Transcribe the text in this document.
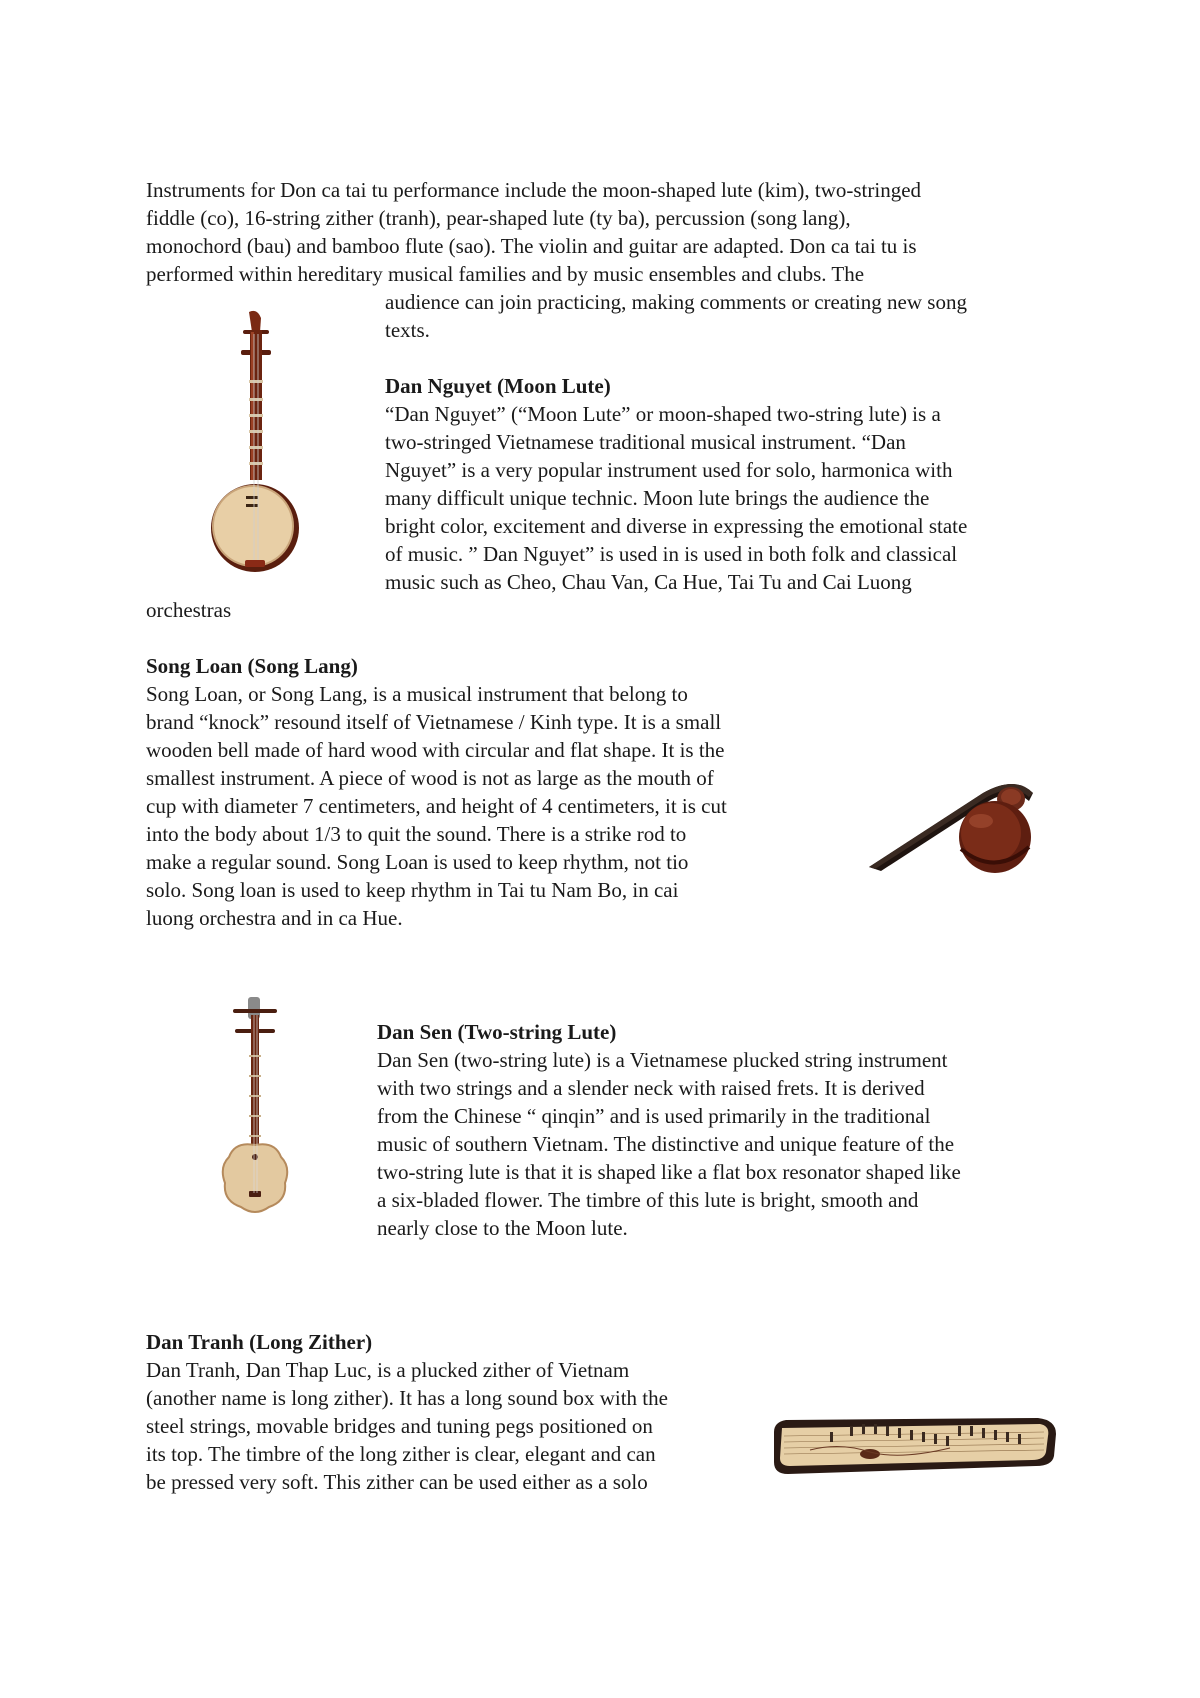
Instruments for Don ca tai tu performance include the moon-shaped lute (kim), two-stringed
fiddle (co), 16-string zither (tranh), pear-shaped lute (ty ba), percussion (song lang),
monochord (bau) and bamboo flute (sao). The violin and guitar are adapted. Don ca tai tu is
performed within hereditary musical families and by music ensembles and clubs. The
audience can join practicing, making comments or creating new song
texts.
Dan Nguyet (Moon Lute)
“Dan Nguyet” (“Moon Lute” or moon-shaped two-string lute) is a
two-stringed Vietnamese traditional musical instrument. “Dan
Nguyet” is a very popular instrument used for solo, harmonica with
many difficult unique technic. Moon lute brings the audience the
bright color, excitement and diverse in expressing the emotional state
of music. ” Dan Nguyet” is used in is used in both folk and classical
music such as Cheo, Chau Van, Ca Hue, Tai Tu and Cai Luong
orchestras
Song Loan (Song Lang)
Song Loan, or Song Lang, is a musical instrument that belong to
brand “knock” resound itself of Vietnamese / Kinh type. It is a small
wooden bell made of hard wood with circular and flat shape. It is the
smallest instrument. A piece of wood is not as large as the mouth of
cup with diameter 7 centimeters, and height of 4 centimeters, it is cut
into the body about 1/3 to quit the sound. There is a strike rod to
make a regular sound. Song Loan is used to keep rhythm, not tio
solo. Song loan is used to keep rhythm in Tai tu Nam Bo, in cai
luong orchestra and in ca Hue.
Dan Sen (Two-string Lute)
Dan Sen (two-string lute) is a Vietnamese plucked string instrument
with two strings and a slender neck with raised frets. It is derived
from the Chinese “ qinqin” and is used primarily in the traditional
music of southern Vietnam. The distinctive and unique feature of the
two-string lute is that it is shaped like a flat box resonator shaped like
a six-bladed flower. The timbre of this lute is bright, smooth and
nearly close to the Moon lute.
Dan Tranh (Long Zither)
Dan Tranh, Dan Thap Luc, is a plucked zither of Vietnam
(another name is long zither). It has a long sound box with the
steel strings, movable bridges and tuning pegs positioned on
its top. The timbre of the long zither is clear, elegant and can
be pressed very soft. This zither can be used either as a solo
